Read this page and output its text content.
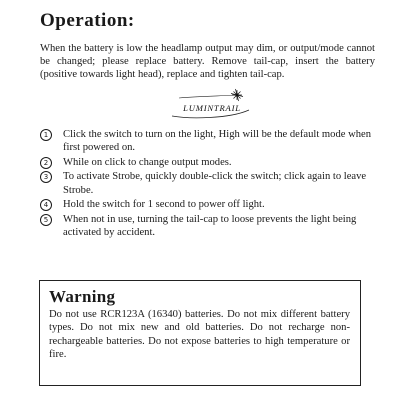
Operation:
When the battery is low the headlamp output may dim, or output/mode cannot be changed; please replace battery. Remove tail-cap, insert the battery (positive towards light head), replace and tighten tail-cap.
LUMINTRAIL
1	Click the switch to turn on the light, High will be the default mode when first powered on.
2	While on click to change output modes.
3	To activate Strobe, quickly double-click the switch; click again to leave Strobe.
4	Hold the switch for 1 second to power off light.
5	When not in use, turning the tail-cap to loose prevents the light being activated by accident.
Warning
Do not use RCR123A (16340) batteries. Do not mix different battery types. Do not mix new and old batteries. Do not recharge non-rechargeable batteries. Do not expose batteries to high temperature or fire.
